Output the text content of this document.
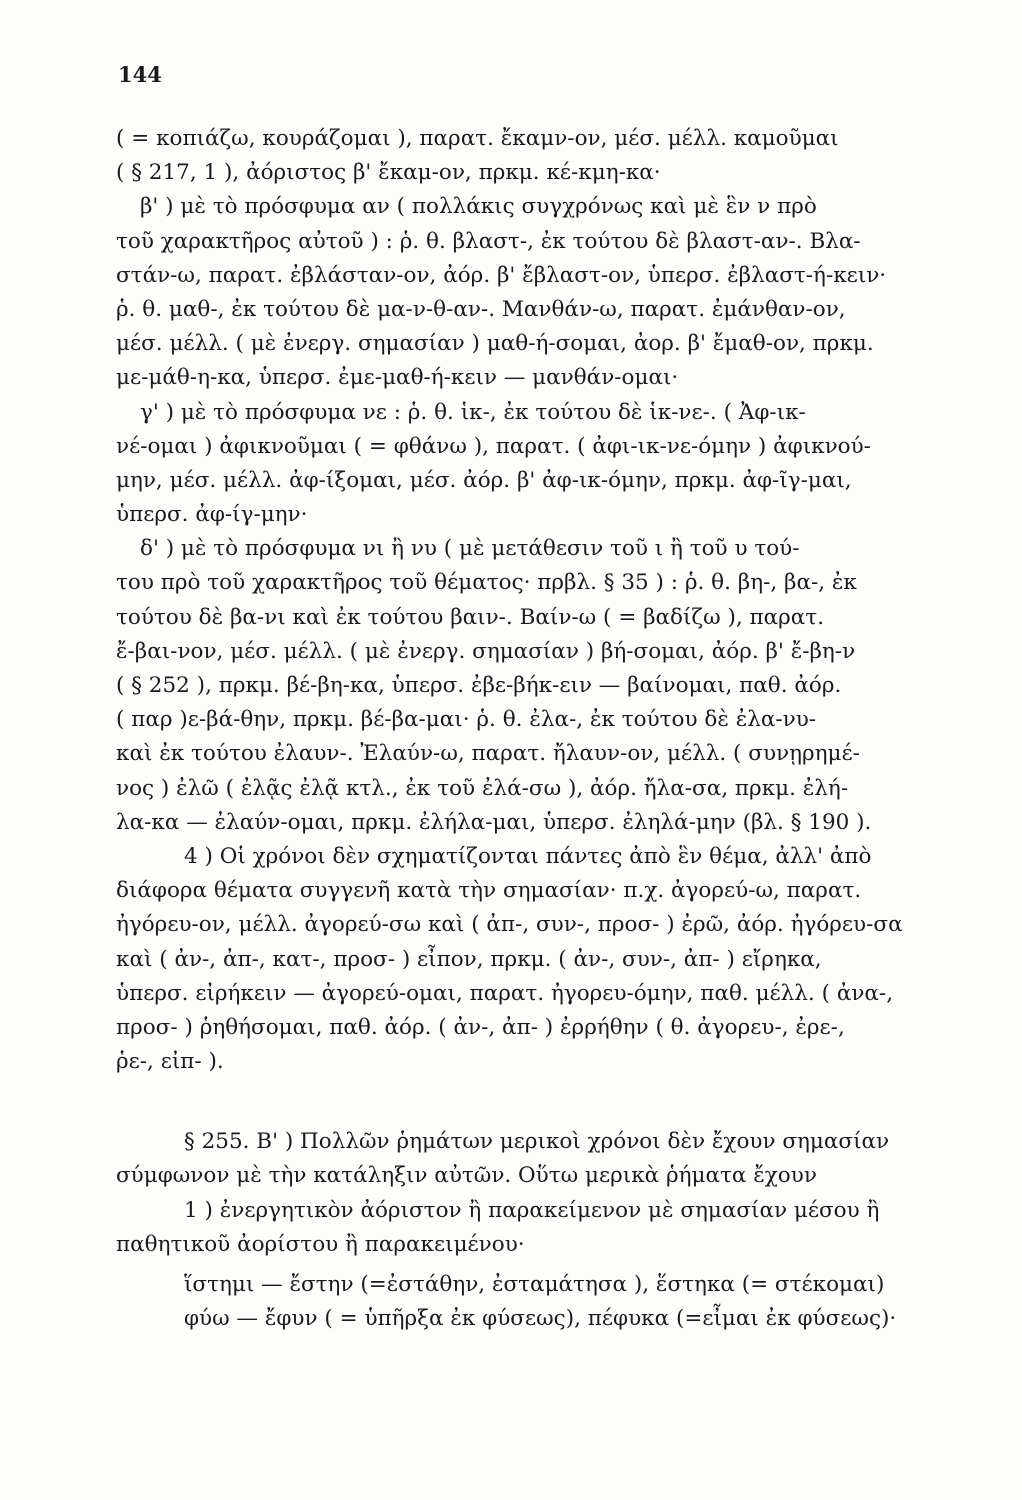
144
( = κοπιάζω, κουράζομαι ), παρατ. ἔκαμν-ον, μέσ. μέλλ. καμοῦμαι
( § 217, 1 ), ἀόριστος β' ἔκαμ-ον, πρκμ. κέ-κμη-κα·
β' ) μὲ τὸ πρόσφυμα αν ( πολλάκις συγχρόνως καὶ μὲ ἓν ν πρὸ
τοῦ χαρακτῆρος αὐτοῦ ) : ῥ. θ. βλαστ-, ἐκ τούτου δὲ βλαστ-αν-. Βλα-
στάν-ω, παρατ. ἐβλάσταν-ον, ἀόρ. β' ἔβλαστ-ον, ὑπερσ. ἐβλαστ-ή-κειν·
ῥ. θ. μαθ-, ἐκ τούτου δὲ μα-ν-θ-αν-. Μανθάν-ω, παρατ. ἐμάνθαν-ον,
μέσ. μέλλ. ( μὲ ἐνεργ. σημασίαν ) μαθ-ή-σομαι, ἀορ. β' ἔμαθ-ον, πρκμ.
με-μάθ-η-κα, ὑπερσ. ἐμε-μαθ-ή-κειν — μανθάν-ομαι·
γ' ) μὲ τὸ πρόσφυμα νε : ῥ. θ. ἱκ-, ἐκ τούτου δὲ ἱκ-νε-. ( Ἀφ-ικ-
νέ-ομαι ) ἀφικνοῦμαι ( = φθάνω ), παρατ. ( ἀφι-ικ-νε-όμην ) ἀφικνού-
μην, μέσ. μέλλ. ἀφ-ίξομαι, μέσ. ἀόρ. β' ἀφ-ικ-όμην, πρκμ. ἀφ-ῖγ-μαι,
ὑπερσ. ἀφ-ίγ-μην·
δ' ) μὲ τὸ πρόσφυμα νι ἢ νυ ( μὲ μετάθεσιν τοῦ ι ἢ τοῦ υ τού-
του πρὸ τοῦ χαρακτῆρος τοῦ θέματος· πρβλ. § 35 ) : ῥ. θ. βη-, βα-, ἐκ
τούτου δὲ βα-νι καὶ ἐκ τούτου βαιν-. Βαίν-ω ( = βαδίζω ), παρατ.
ἔ-βαι-νον, μέσ. μέλλ. ( μὲ ἐνεργ. σημασίαν ) βή-σομαι, ἀόρ. β' ἔ-βη-ν
( § 252 ), πρκμ. βέ-βη-κα, ὑπερσ. ἐβε-βήκ-ειν — βαίνομαι, παθ. ἀόρ.
( παρ )ε-βά-θην, πρκμ. βέ-βα-μαι· ῥ. θ. ἐλα-, ἐκ τούτου δὲ ἐλα-νυ-
καὶ ἐκ τούτου ἐλαυν-. Ἐλαύν-ω, παρατ. ἤλαυν-ον, μέλλ. ( συνῃρημέ-
νος ) ἐλῶ ( ἐλᾷς ἐλᾷ κτλ., ἐκ τοῦ ἐλά-σω ), ἀόρ. ἤλα-σα, πρκμ. ἐλή-
λα-κα — ἐλαύν-ομαι, πρκμ. ἐλήλα-μαι, ὑπερσ. ἐληλά-μην (βλ. § 190 ).
4 ) Οἱ χρόνοι δὲν σχηματίζονται πάντες ἀπὸ ἓν θέμα, ἀλλ' ἀπὸ
διάφορα θέματα συγγενῆ κατὰ τὴν σημασίαν· π.χ. ἀγορεύ-ω, παρατ.
ἠγόρευ-ον, μέλλ. ἀγορεύ-σω καὶ ( ἀπ-, συν-, προσ- ) ἐρῶ, ἀόρ. ἠγόρευ-σα
καὶ ( ἀν-, ἀπ-, κατ-, προσ- ) εἶπον, πρκμ. ( ἀν-, συν-, ἀπ- ) εἴρηκα,
ὑπερσ. εἰρήκειν — ἀγορεύ-ομαι, παρατ. ἠγορευ-όμην, παθ. μέλλ. ( ἀνα-,
προσ- ) ῥηθήσομαι, παθ. ἀόρ. ( ἀν-, ἀπ- ) ἐρρήθην ( θ. ἀγορευ-, ἐρε-,
ῥε-, εἰπ- ).
§ 255. Β' ) Πολλῶν ῥημάτων μερικοὶ χρόνοι δὲν ἔχουν σημασίαν
σύμφωνον μὲ τὴν κατάληξιν αὐτῶν. Οὕτω μερικὰ ῥήματα ἔχουν
1 ) ἐνεργητικὸν ἀόριστον ἢ παρακείμενον μὲ σημασίαν μέσου ἢ
παθητικοῦ ἀορίστου ἢ παρακειμένου·
ἵστημι — ἔστην (=ἐστάθην, ἐσταμάτησα ), ἕστηκα (= στέκομαι)
φύω — ἔφυν ( = ὑπῆρξα ἐκ φύσεως), πέφυκα (=εἶμαι ἐκ φύσεως)·
